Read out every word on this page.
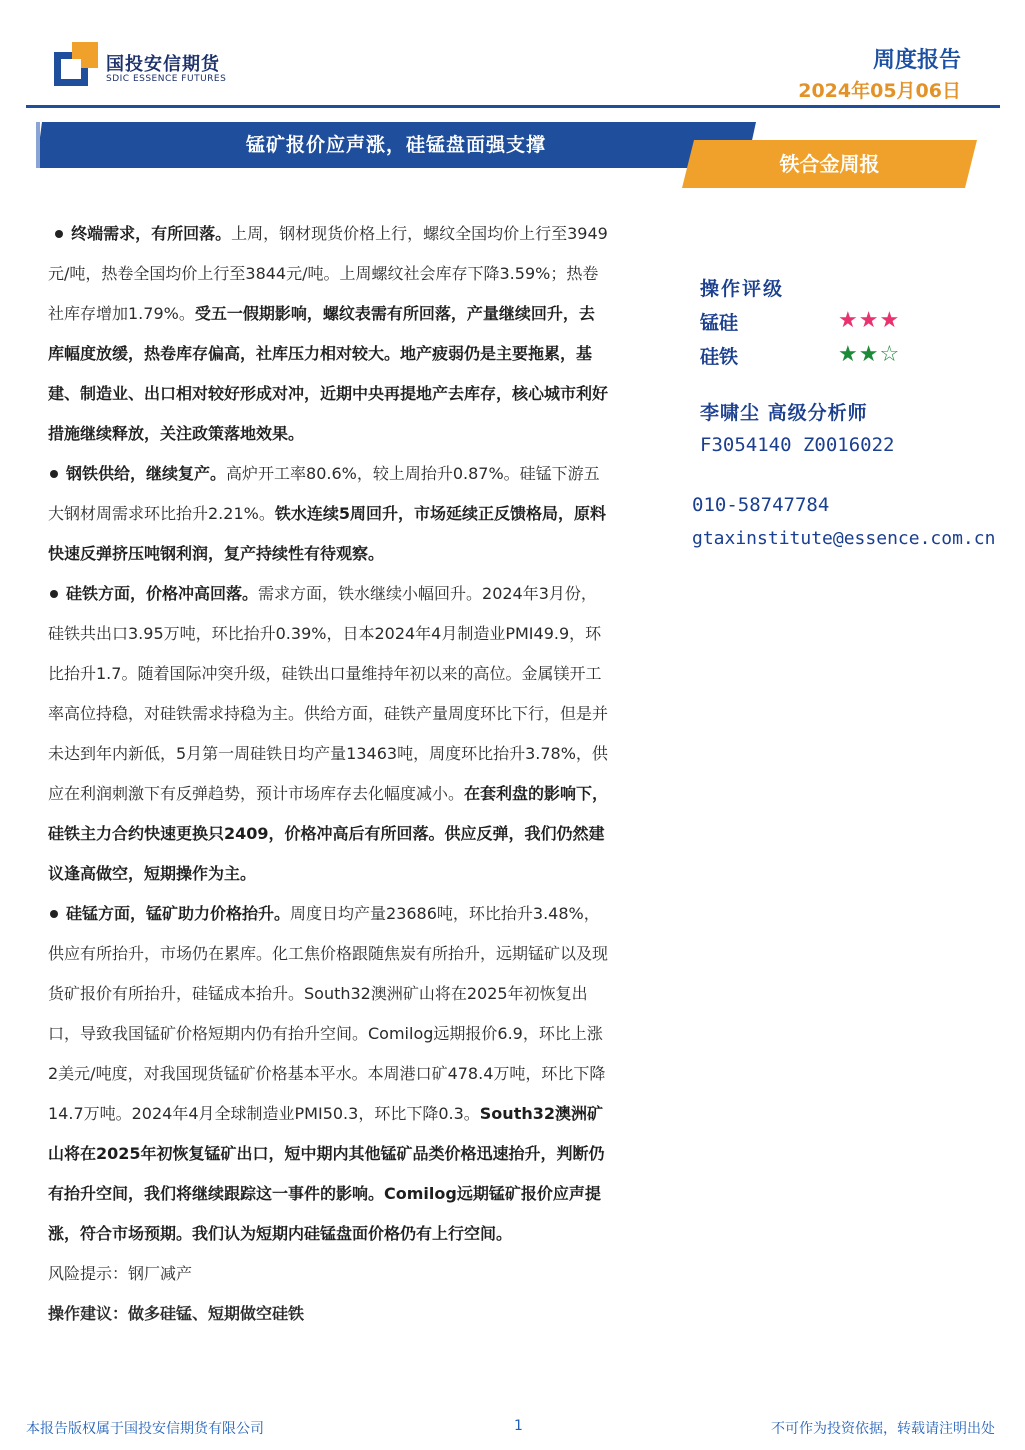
国投安信期货
SDIC ESSENCE FUTURES
周度报告
2024年05月06日
锰矿报价应声涨，硅锰盘面强支撑
铁合金周报

终端需求，有所回落。上周，钢材现货价格上行，螺纹全国均价上行至3949元/吨，热卷全国均价上行至3844元/吨。上周螺纹社会库存下降3.59%；热卷社库存增加1.79%。受五一假期影响，螺纹表需有所回落，产量继续回升，去库幅度放缓，热卷库存偏高，社库压力相对较大。地产疲弱仍是主要拖累，基建、制造业、出口相对较好形成对冲，近期中央再提地产去库存，核心城市利好措施继续释放，关注政策落地效果。

钢铁供给，继续复产。高炉开工率80.6%，较上周抬升0.87%。硅锰下游五大钢材周需求环比抬升2.21%。铁水连续5周回升，市场延续正反馈格局，原料快速反弹挤压吨钢利润，复产持续性有待观察。

硅铁方面，价格冲高回落。需求方面，铁水继续小幅回升。2024年3月份，硅铁共出口3.95万吨，环比抬升0.39%，日本2024年4月制造业PMI49.9，环比抬升1.7。随着国际冲突升级，硅铁出口量维持年初以来的高位。金属镁开工率高位持稳，对硅铁需求持稳为主。供给方面，硅铁产量周度环比下行，但是并未达到年内新低，5月第一周硅铁日均产量13463吨，周度环比抬升3.78%，供应在利润刺激下有反弹趋势，预计市场库存去化幅度减小。在套利盘的影响下，硅铁主力合约快速更换只2409，价格冲高后有所回落。供应反弹，我们仍然建议逢高做空，短期操作为主。

硅锰方面，锰矿助力价格抬升。周度日均产量23686吨，环比抬升3.48%，供应有所抬升，市场仍在累库。化工焦价格跟随焦炭有所抬升，远期锰矿以及现货矿报价有所抬升，硅锰成本抬升。South32澳洲矿山将在2025年初恢复出口，导致我国锰矿价格短期内仍有抬升空间。Comilog远期报价6.9，环比上涨2美元/吨度，对我国现货锰矿价格基本平水。本周港口矿478.4万吨，环比下降14.7万吨。2024年4月全球制造业PMI50.3，环比下降0.3。South32澳洲矿山将在2025年初恢复锰矿出口，短中期内其他锰矿品类价格迅速抬升，判断仍有抬升空间，我们将继续跟踪这一事件的影响。Comilog远期锰矿报价应声提涨，符合市场预期。我们认为短期内硅锰盘面价格仍有上行空间。

风险提示：钢厂减产

操作建议：做多硅锰、短期做空硅铁

操作评级
锰硅	★★★
硅铁	★★☆
李啸尘 高级分析师
F3054140 Z0016022
010-58747784
gtaxinstitute@essence.com.cn
本报告版权属于国投安信期货有限公司	1	不可作为投资依据，转载请注明出处
